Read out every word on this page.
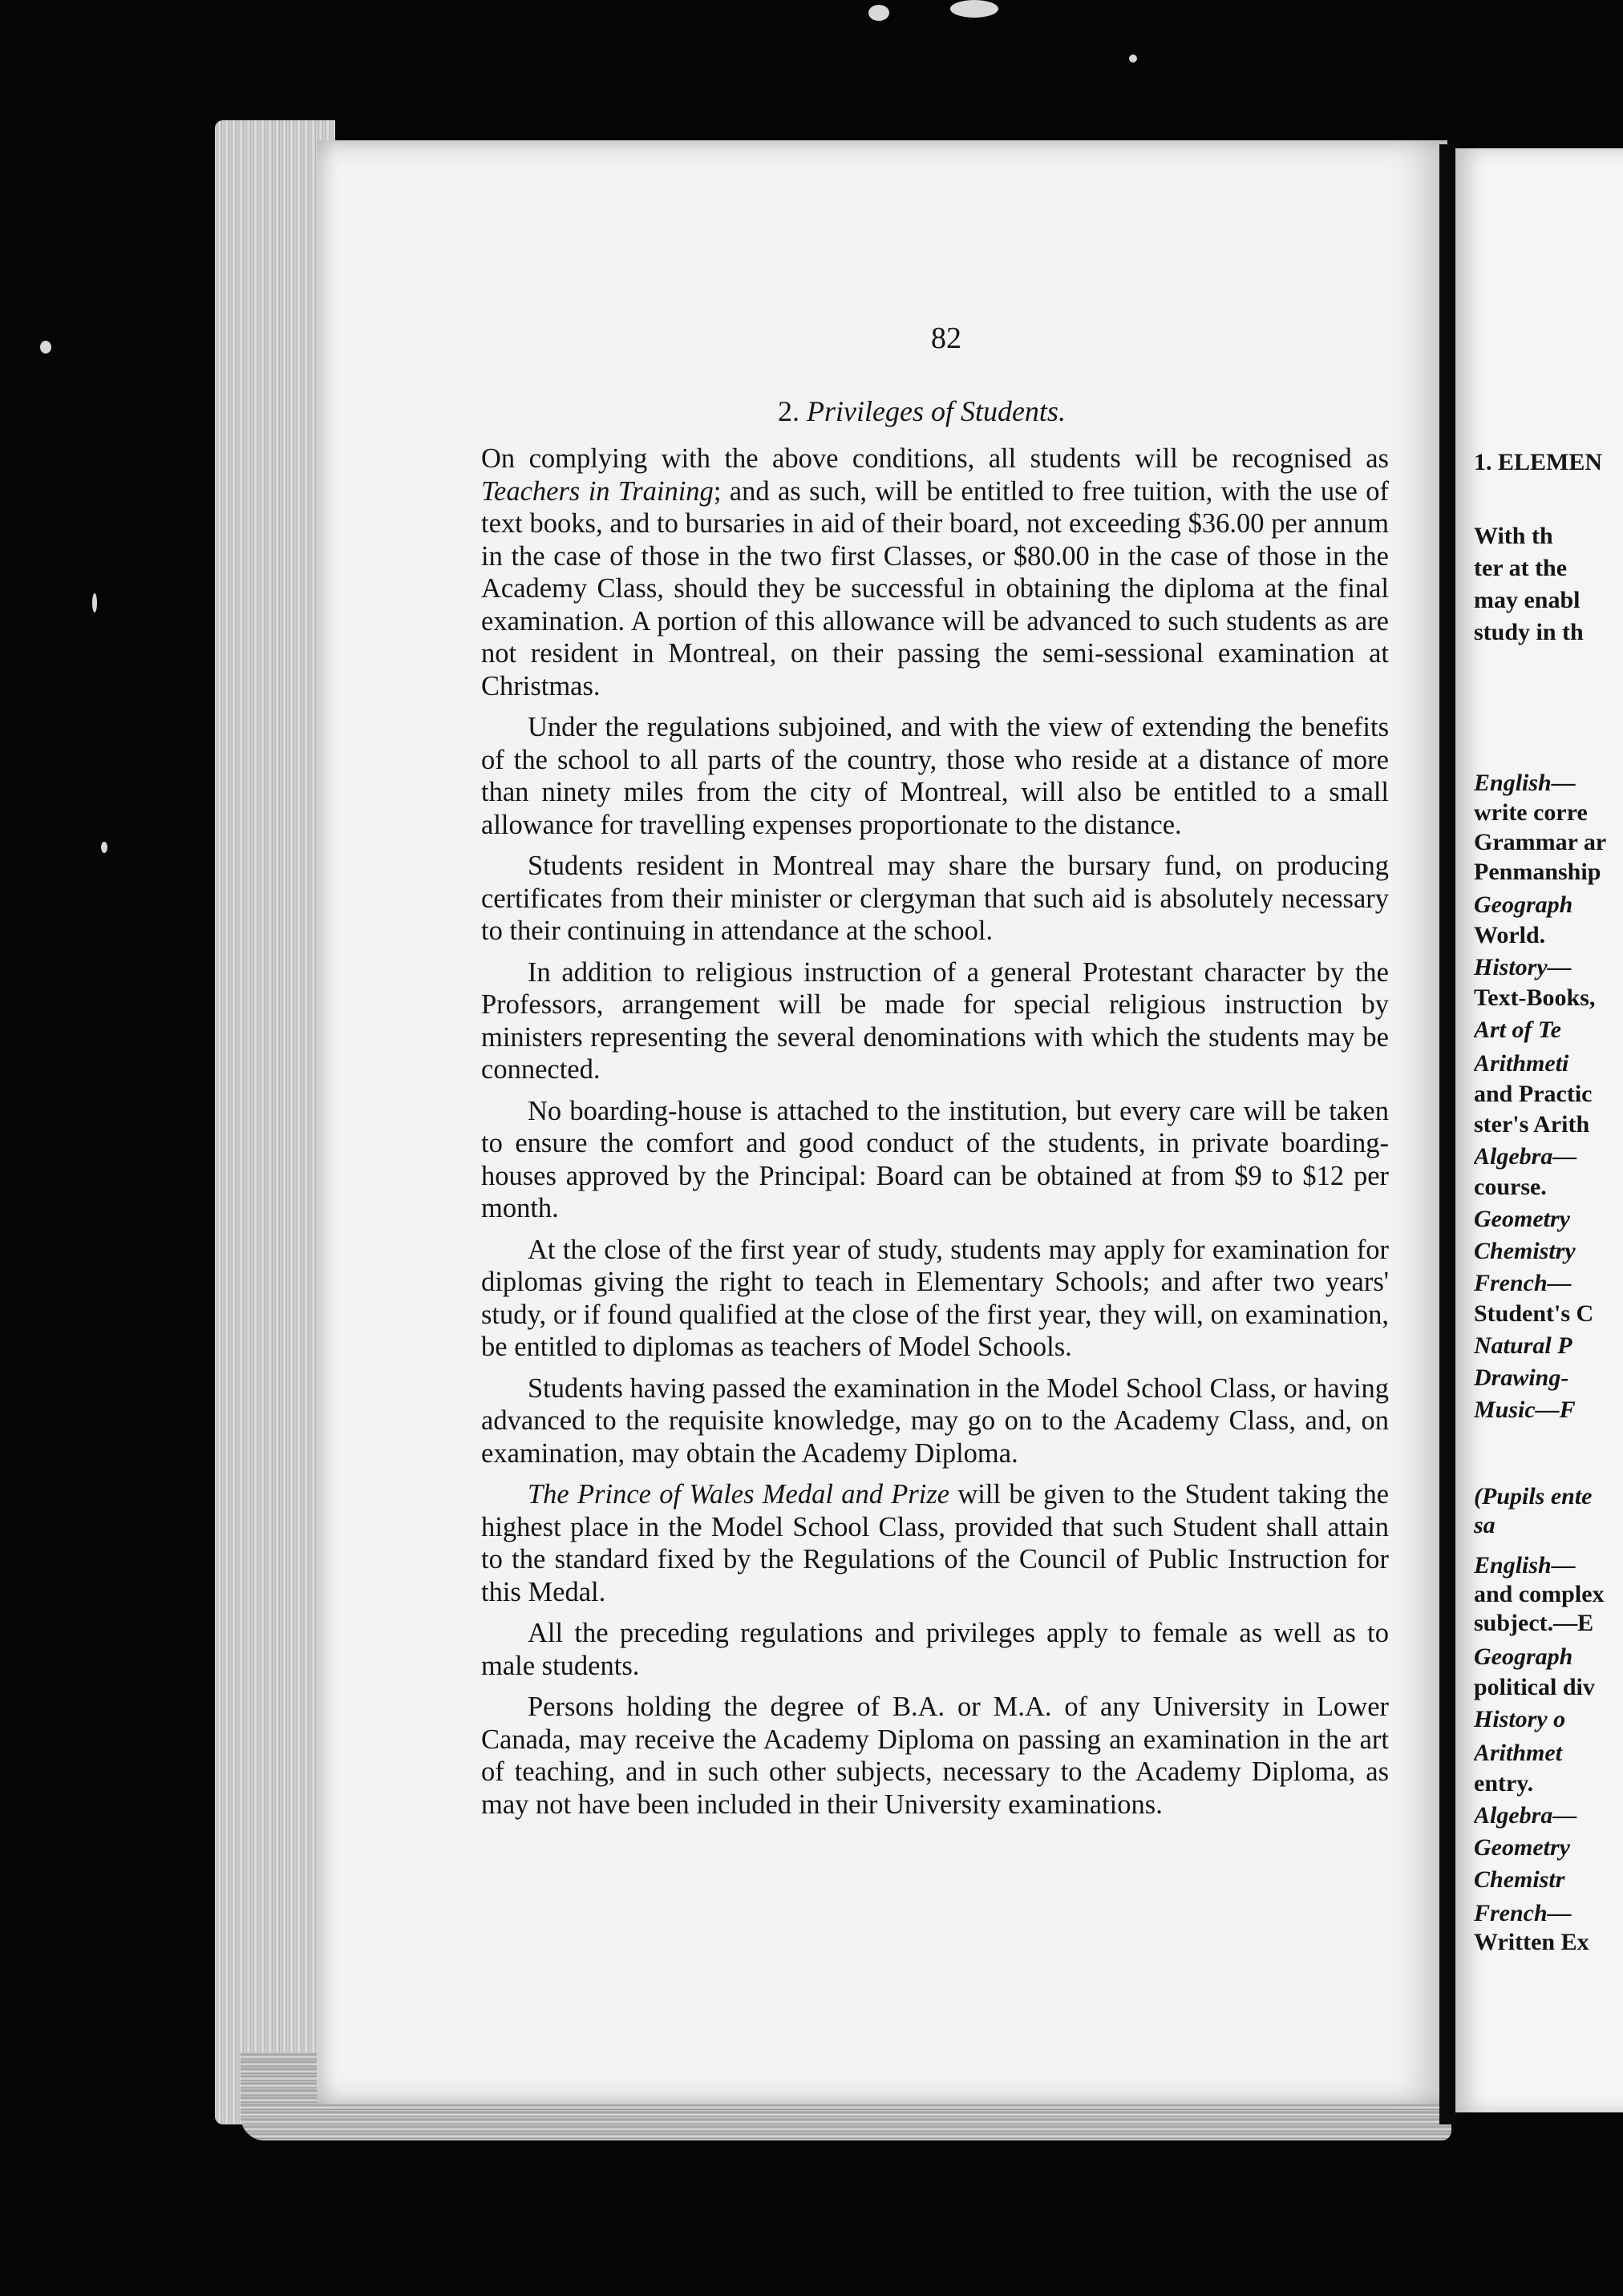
82
2. Privileges of Students.

On complying with the above conditions, all students will be recognised as Teachers in Training; and as such, will be entitled to free tuition, with the use of text books, and to bursaries in aid of their board, not exceeding $36.00 per annum in the case of those in the two first Classes, or $80.00 in the case of those in the Academy Class, should they be successful in obtaining the diploma at the final examination. A portion of this allowance will be advanced to such students as are not resident in Montreal, on their passing the semi-sessional examination at Christmas.

Under the regulations subjoined, and with the view of extending the benefits of the school to all parts of the country, those who reside at a distance of more than ninety miles from the city of Montreal, will also be entitled to a small allowance for travelling expenses proportionate to the distance.

Students resident in Montreal may share the bursary fund, on producing certificates from their minister or clergyman that such aid is absolutely necessary to their continuing in attendance at the school.

In addition to religious instruction of a general Protestant character by the Professors, arrangement will be made for special religious instruction by ministers representing the several denominations with which the students may be connected.

No boarding-house is attached to the institution, but every care will be taken to ensure the comfort and good conduct of the students, in private boarding-houses approved by the Principal: Board can be obtained at from $9 to $12 per month.

At the close of the first year of study, students may apply for examination for diplomas giving the right to teach in Elementary Schools; and after two years' study, or if found qualified at the close of the first year, they will, on examination, be entitled to diplomas as teachers of Model Schools.

Students having passed the examination in the Model School Class, or having advanced to the requisite knowledge, may go on to the Academy Class, and, on examination, may obtain the Academy Diploma.

The Prince of Wales Medal and Prize will be given to the Student taking the highest place in the Model School Class, provided that such Student shall attain to the standard fixed by the Regulations of the Council of Public Instruction for this Medal.

All the preceding regulations and privileges apply to female as well as to male students.

Persons holding the degree of B.A. or M.A. of any University in Lower Canada, may receive the Academy Diploma on passing an examination in the art of teaching, and in such other subjects, necessary to the Academy Diploma, as may not have been included in their University examinations.

1. ELEMEN
With th
ter at the
may enabl
study in th
English—
write corre
Grammar ar
Penmanship
Geograph
World.
History—
Text-Books,
Art of Te
Arithmeti
and Practic
ster's Arith
Algebra—
course.
Geometry
Chemistry
French—
Student's C
Natural P
Drawing-
Music—F
(Pupils ente
sa
English—
and complex
subject.—E
Geograph
political div
History o
Arithmet
entry.
Algebra—
Geometry
Chemistr
French—
Written Ex
